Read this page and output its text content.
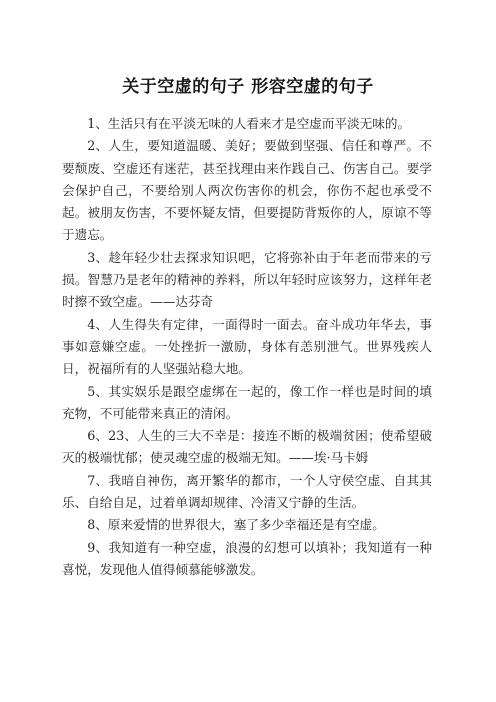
关于空虚的句子 形容空虚的句子

1、生活只有在平淡无味的人看来才是空虚而平淡无味的。

2、人生，要知道温暖、美好；要做到坚强、信任和尊严。不要颓废、空虚还有迷茫，甚至找理由来作践自己、伤害自己。要学会保护自己，不要给别人两次伤害你的机会，你伤不起也承受不起。被朋友伤害，不要怀疑友情，但要提防背叛你的人，原谅不等于遗忘。

3、趁年轻少壮去探求知识吧，它将弥补由于年老而带来的亏损。智慧乃是老年的精神的养料，所以年轻时应该努力，这样年老时擦不致空虚。——达芬奇

4、人生得失有定律，一面得时一面去。奋斗成功年华去，事事如意嫌空虚。一处挫折一激励，身体有恙别泄气。世界残疾人日，祝福所有的人坚强站稳大地。

5、其实娱乐是跟空虚绑在一起的，像工作一样也是时间的填充物，不可能带来真正的清闲。

6、23、人生的三大不幸是：接连不断的极端贫困；使希望破灭的极端忧郁；使灵魂空虚的极端无知。——埃·马卡姆

7、我暗自神伤，离开繁华的都市，一个人守侯空虚、自其其乐、自给自足，过着单调却规律、冷清又宁静的生活。

8、原来爱情的世界很大，塞了多少幸福还是有空虚。

9、我知道有一种空虚，浪漫的幻想可以填补；我知道有一种喜悦，发现他人值得倾慕能够激发。
